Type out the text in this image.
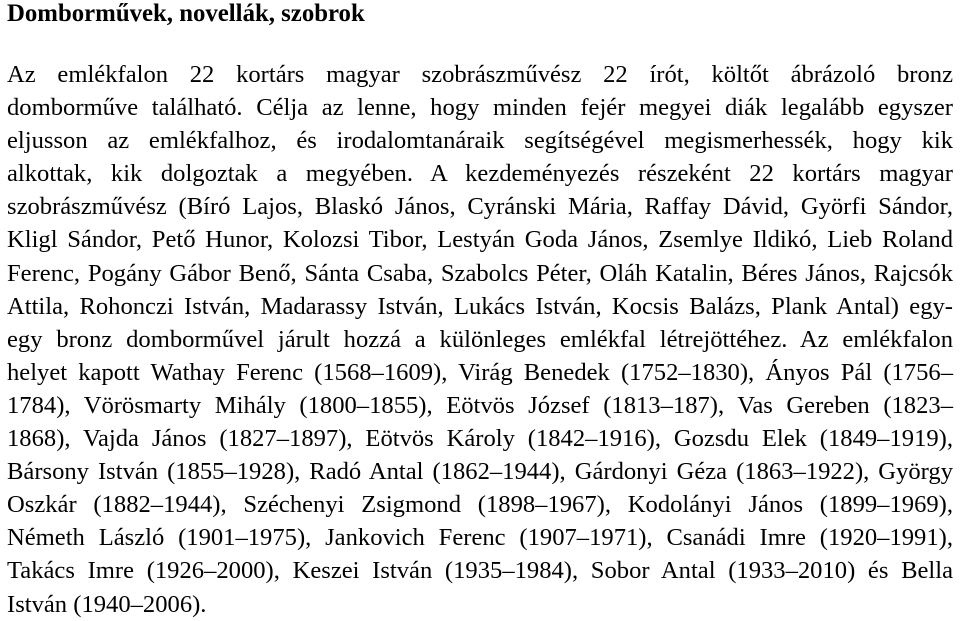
Domborművek, novellák, szobrok
Az emlékfalon 22 kortárs magyar szobrászművész 22 írót, költőt ábrázoló bronz
domborműve található. Célja az lenne, hogy minden fejér megyei diák legalább egyszer
eljusson az emlékfalhoz, és irodalomtanáraik segítségével megismerhessék, hogy kik
alkottak, kik dolgoztak a megyében. A kezdeményezés részeként 22 kortárs magyar
szobrászművész (Bíró Lajos, Blaskó János, Cyránski Mária, Raffay Dávid, Györfi Sándor,
Kligl Sándor, Pető Hunor, Kolozsi Tibor, Lestyán Goda János, Zsemlye Ildikó, Lieb Roland
Ferenc, Pogány Gábor Benő, Sánta Csaba, Szabolcs Péter, Oláh Katalin, Béres János, Rajcsók
Attila, Rohonczi István, Madarassy István, Lukács István, Kocsis Balázs, Plank Antal) egy-
egy bronz domborművel járult hozzá a különleges emlékfal létrejöttéhez. Az emlékfalon
helyet kapott Wathay Ferenc (1568–1609), Virág Benedek (1752–1830), Ányos Pál (1756–
1784), Vörösmarty Mihály (1800–1855), Eötvös József (1813–187), Vas Gereben (1823–
1868), Vajda János (1827–1897), Eötvös Károly (1842–1916), Gozsdu Elek (1849–1919),
Bársony István (1855–1928), Radó Antal (1862–1944), Gárdonyi Géza (1863–1922), György
Oszkár (1882–1944), Széchenyi Zsigmond (1898–1967), Kodolányi János (1899–1969),
Németh László (1901–1975), Jankovich Ferenc (1907–1971), Csanádi Imre (1920–1991),
Takács Imre (1926–2000), Keszei István (1935–1984), Sobor Antal (1933–2010) és Bella
István (1940–2006).
